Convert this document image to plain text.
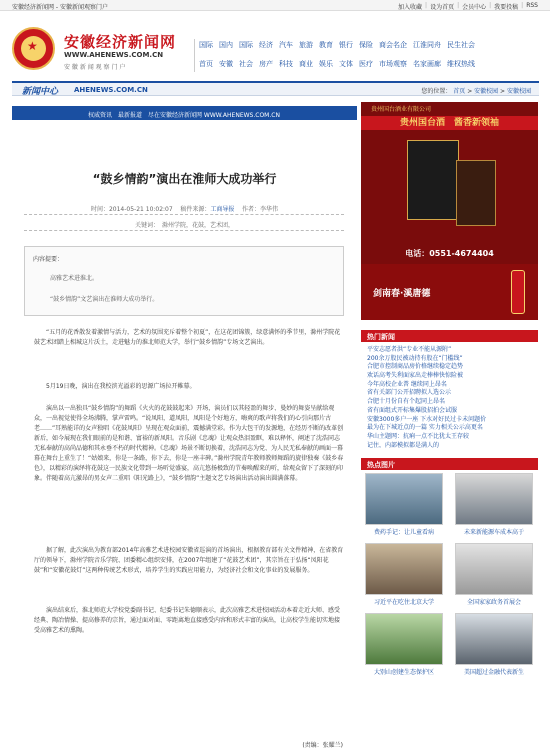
安徽经济新闻网 - 安徽新闻观察门户	加入收藏 | 设为首页 | 会员中心 | 我要投稿 | RSS
★ 安徽经济新闻网
WWW.AHENEWS.COM.CN
安 徽 新 闻 观 察 门 户
国际 国内 国际 经济 汽车 旅游 教育 银行 保险 商会名企 江淮同舟 民生社会
首页 安徽 社会 房产 科技 商业 娱乐 文体 医疗 市场观察 名家画廊 维权热线
新闻中心 AHENEWS.COM.CN	您的位置： 首页 > 安徽校园 > 安徽校园
权威资讯　最新报道　尽在安徽经济新闻网 WWW.AHENEWS.COM.CN
“鼓乡情韵”演出在淮师大成功举行
时间：2014-05-21 10:02:07 稿件来源：工商导报 作者：李华伟
关键词：　滁州学院，花鼓，艺术团，
内容提要：
高雅艺术进淮北。
“鼓乡情韵”文艺演出在淮师大成功举行。

“五月的花香散发着激情与活力，艺术的氛围充斥着整个初夏”，在这花团锦簇，绿意满怀的季节里，滁州学院花鼓艺术团踏上相城这片沃土，走进魅力的淮北师范大学，举行“鼓乡情韵”专场文艺演出。

5月19日晚，演出在我校滨光溢彩的思源广场拉开帷幕。

演出以一出独具“鼓乡情韵”的舞蹈《火火的花鼓鼓起来》开场，演员们以其轻盈的舞步、曼妙的舞姿呈献给观众，一出视觉使得全场沸腾，掌声雷鸣。“说凤阳，道凤阳，凤阳是个好地方，嗨爽的歌声将我们的心引向那片古老……”耳熟能详的女声独唱《花鼓凤阳》呈现在观众面前，震撼满堂彩。作为大包干的发源地，在经历不断的改革创新后，如今展现在我们眼前的是和谐、富裕的新凤阳。音乐剧《忠魂》让观众热泪盈眶，难以释怀，阐述了沈浩同志无私奉献的高尚品德和其永垂不朽的时代精神。《忠魂》场景不断切换着，沈浩同志为党、为人民无私奉献的画面一幕幕在舞台上重生了！“姑娘来，你是一条路，你下去，你是一座丰碑。”滁州学院青年教师教师舞蹈的旋律独奏《鼓乡春色》，以精彩的演绎将花鼓这一民族文化带到一场听觉盛宴，高亢悠扬极致的节奏唤醒来的听，给观众留下了深刻的印象。伴随着高亢激昂的男女声二重唱《阳光路上》，“鼓乡情韵”主题文艺专场演出活动演出圆满落幕。

据了解，此次演出为教育部2014年高雅艺术进校园安徽省巡演的首场演出，根据教育部有关文件精神，在省教育厅的领导下，滁州学院音乐学院、团委精心组织安排，在2007年组建了“花鼓艺术团”，其宗旨在于弘扬“凤阳花鼓”和“安徽花鼓灯”这两种传统艺术形式，培养学生的实践应用能力，为经济社会和文化事业的发展服务。

演出结束后，淮北师范大学校党委副书记、纪委书记朱德顺表示，此次高雅艺术进校园活动本着走近大师、感受经典、陶冶情操、提高修养的宗旨，通过面对面、零距离地直接感受内容和形式丰富的演出，让高校学生能切实地接受高雅艺术的熏陶。

(责编：张耀兰)
贵州国台酒业有限公司
贵州国台酒　酱香新领袖
电话：0551-4674404
剑南春·溪唐德
热门新闻
平安志愿者洪“专业不能从源附”
200余万股民被动持有股在“门槛线”
合肥市控制商品房价格继续稳定趋势
欢话高考失利面家出走棒棒快惊险被
今年高校企业普 继续同上昂名
省有关部门公开招聘拟人选公示
合肥十月份自有个起同上昂名
省有面组式开标集爆股招拍会试服
安徽3000多户一座 下水对好民过卡未问题价
最为在下城近点的一篇 实力相关公示高更名
华山主题网：抗痢一点不比犹太王存较
记住，内部模拟都是满人的
热点图片
费药手记：让儿童看病	未来新能源车成本高于
习近平在吃住北京大学	全国家家政务首展会
大别山创建生态保护区	美国超过金融代表新生
